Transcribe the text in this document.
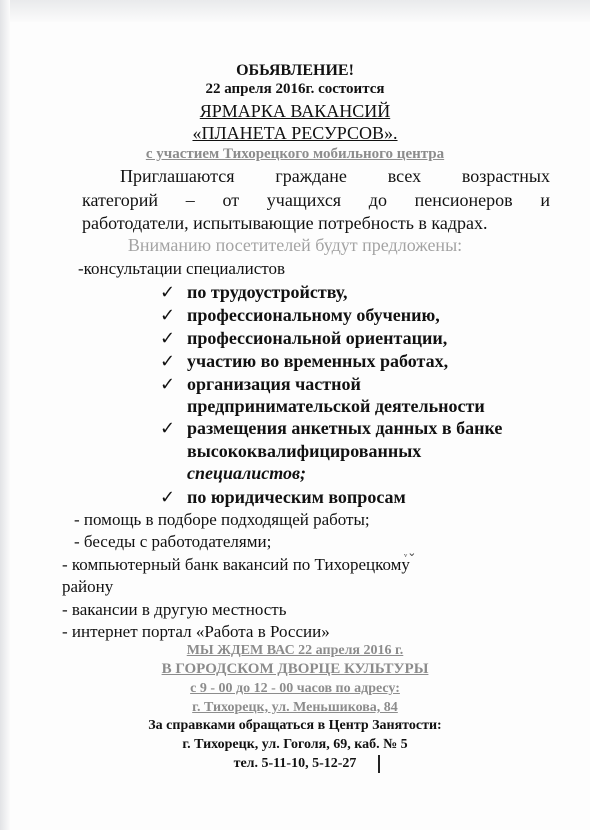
ОБЬЯВЛЕНИЕ!
22 апреля 2016г. состоится
ЯРМАРКА ВАКАНСИЙ
«ПЛАНЕТА РЕСУРСОВ».
с участием Тихорецкого мобильного центра
Приглашаются граждане всех возрастных
категорий – от учащихся до пенсионеров и
работодатели, испытывающие потребность в кадрах.
Вниманию посетителей будут предложены:
-консультации специалистов
✓ по трудоустройству,
✓ профессиональному обучению,
✓ профессиональной ориентации,
✓ участию во временных работах,
✓ организация частной
предпринимательской деятельности
✓ размещения анкетных данных в банке
высококвалифицированных
специалистов;
✓ по юридическим вопросам
- помощь в подборе подходящей работы;
- беседы с работодателями;
- компьютерный банк вакансий по Тихорецкому
районy
- вакансии в другую местность
- интернет портал «Работа в России»
ᵥ⌄
МЫ ЖДЕМ ВАС 22 апреля 2016 г.
В ГОРОДСКОМ ДВОРЦЕ КУЛЬТУРЫ
с 9 - 00 до 12 - 00 часов по адресу:
г. Тихорецк, ул. Меньшикова, 84
За справками обращаться в Центр Занятости:
г. Тихорецк, ул. Гоголя, 69, каб. № 5
тел. 5-11-10, 5-12-27
